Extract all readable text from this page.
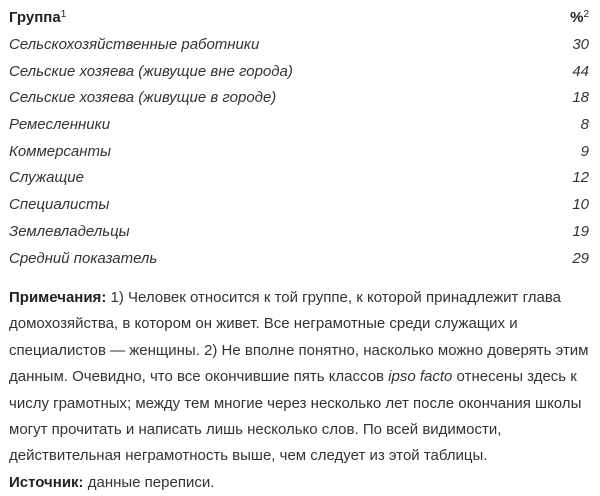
Группа$^1$	%$^2$
Сельскохозяйственные работники	30
Сельские хозяева (живущие вне города)	44
Сельские хозяева (живущие в городе)	18
Ремесленники	8
Коммерсанты	9
Служащие	12
Специалисты	10
Землевладельцы	19
Средний показатель	29

Примечания: 1) Человек относится к той группе, к которой принадлежит глава домохозяйства, в котором он живет. Все неграмотные среди служащих и специалистов — женщины. 2) Не вполне понятно, насколько можно доверять этим данным. Очевидно, что все окончившие пять классов ipso facto отнесены здесь к числу грамотных; между тем многие через несколько лет после окончания школы могут прочитать и написать лишь несколько слов. По всей видимости, действительная неграмотность выше, чем следует из этой таблицы.

Источник: данные переписи.
